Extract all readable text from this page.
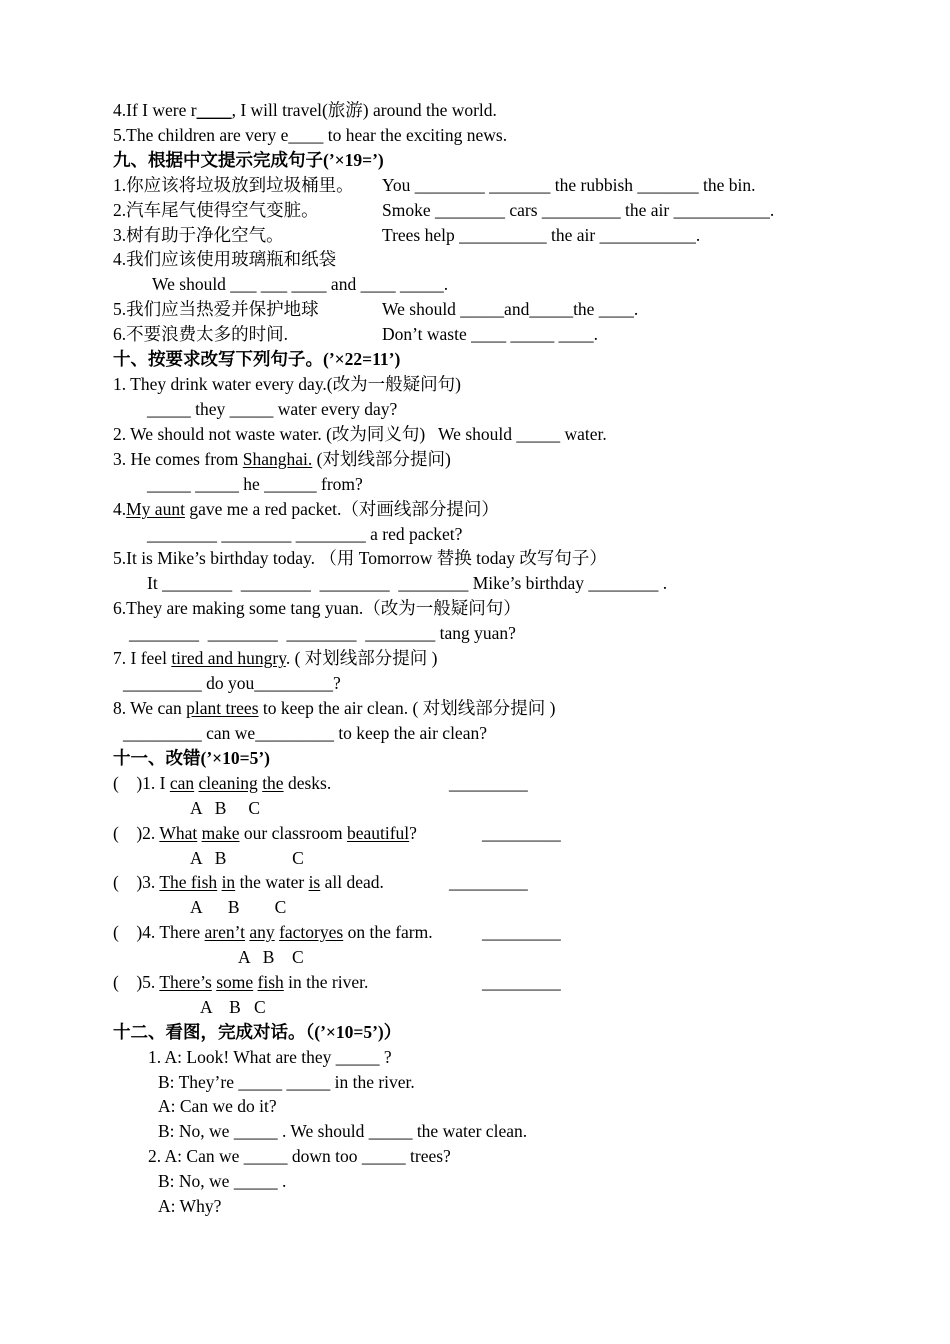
4.If I were r____, I will travel(旅游) around the world.
5.The children are very e____ to hear the exciting news.
九、根据中文提示完成句子(’×19=’)
1.你应该将垃圾放到垃圾桶里。 You ________ _______ the rubbish _______ the bin.
2.汽车尾气使得空气变脏。	Smoke ________ cars _________ the air ___________.
3.树有助于净化空气。	Trees help __________ the air ___________.
4.我们应该使用玻璃瓶和纸袋
We should ___ ___ ____ and ____ _____.
5.我们应当热爱并保护地球	We should _____and_____the ____.
6.不要浪费太多的时间.	Don’t waste ____ _____ ____.
十、按要求改写下列句子。(’×22=11’)
1. They drink water every day.(改为一般疑问句)
_____ they _____ water every day?
2. We should not waste water. (改为同义句)   We should _____ water.
3. He comes from Shanghai. (对划线部分提问)
_____ _____ he ______ from?
4.My aunt gave me a red packet.（对画线部分提问）
________ ________ ________ a red packet?
5.It is Mike’s birthday today. （用 Tomorrow 替换 today 改写句子）
It ________  ________  ________  ________ Mike’s birthday ________ .
6.They are making some tang yuan.（改为一般疑问句）
________  ________  ________  ________ tang yuan?
7. I feel tired and hungry. ( 对划线部分提问 )
_________ do you_________?
8. We can plant trees to keep the air clean. ( 对划线部分提问 )
_________ can we_________ to keep the air clean?
十一、改错(’×10=5’)
(    )1. I can cleaning the desks.	_________
A   B     C
(    )2. What make our classroom beautiful?	_________
A   B               C
(    )3. The fish in the water is all dead.	_________
A      B        C
(    )4. There aren’t any factoryes on the farm.	_________
A   B    C
(    )5. There’s some fish in the river.	_________
A    B   C
十二、看图，完成对话。（(’×10=5’)）
1. A: Look! What are they _____ ?
B: They’re _____ _____ in the river.
A: Can we do it?
B: No, we _____ . We should _____ the water clean.
2. A: Can we _____ down too _____ trees?
B: No, we _____ .
A: Why?
